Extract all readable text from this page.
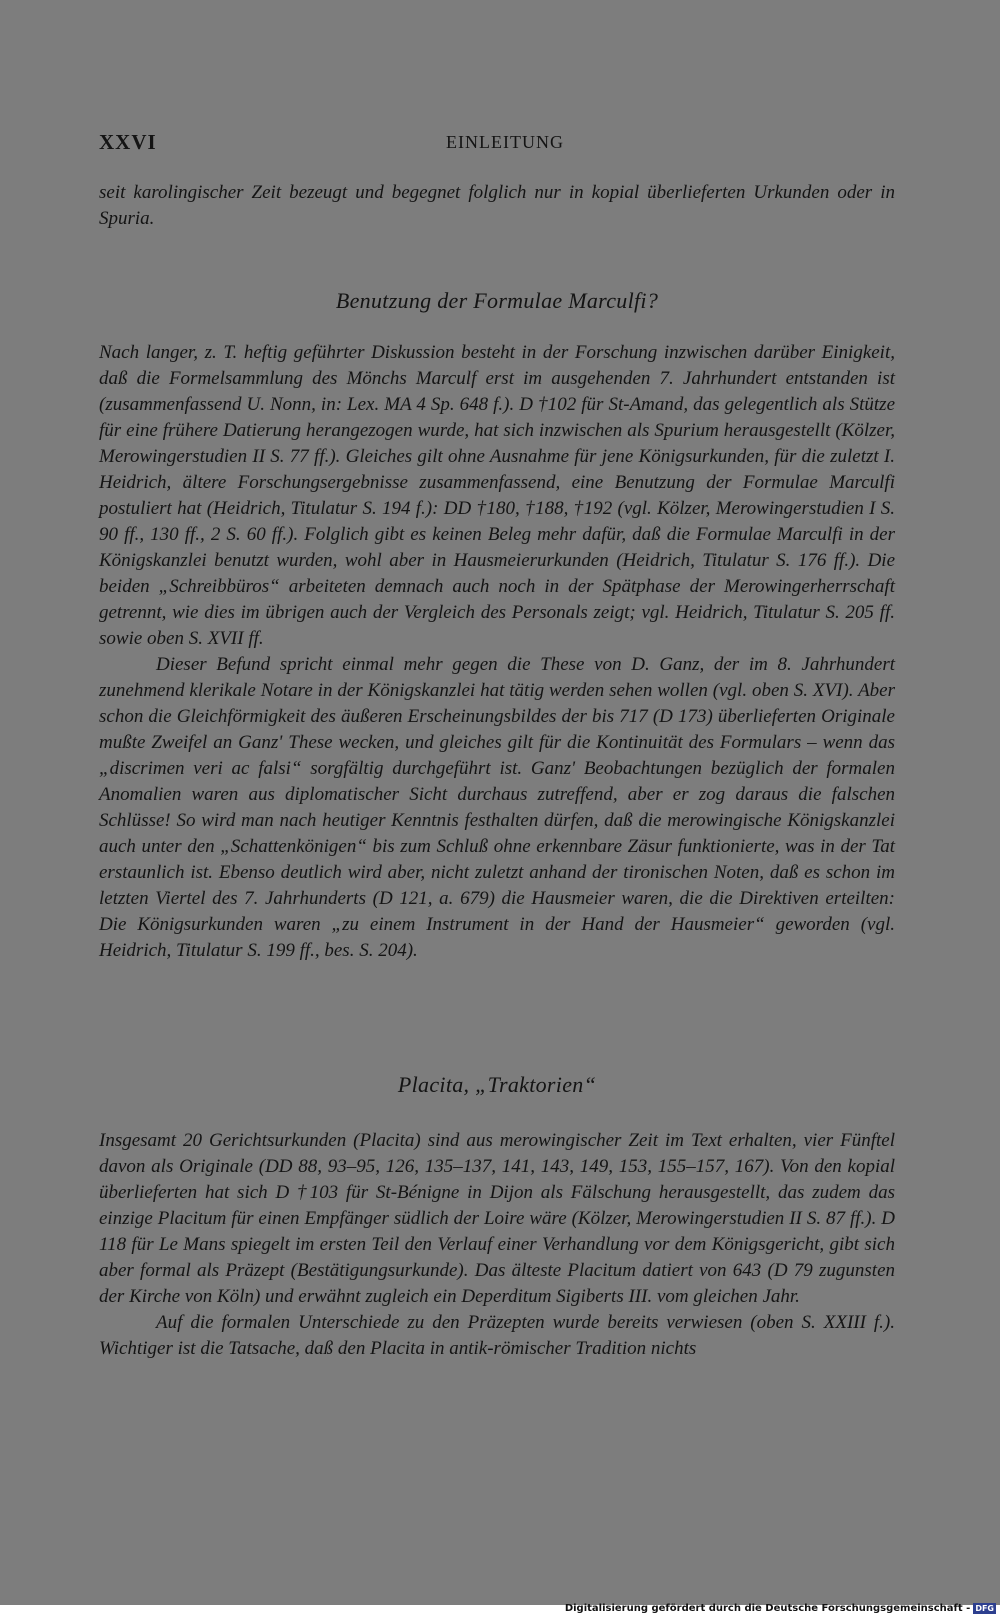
XXVI	EINLEITUNG

seit karolingischer Zeit bezeugt und begegnet folglich nur in kopial überlieferten Urkunden oder in Spuria.

Benutzung der Formulae Marculfi?

Nach langer, z. T. heftig geführter Diskussion besteht in der Forschung inzwischen darüber Einigkeit, daß die Formelsammlung des Mönchs Marculf erst im ausgehenden 7. Jahrhundert entstanden ist (zusammenfassend U. Nonn, in: Lex. MA 4 Sp. 648 f.). D †102 für St-Amand, das gelegentlich als Stütze für eine frühere Datierung herangezogen wurde, hat sich inzwischen als Spurium herausgestellt (Kölzer, Merowingerstudien II S. 77 ff.). Gleiches gilt ohne Ausnahme für jene Königsurkunden, für die zuletzt I. Heidrich, ältere Forschungsergebnisse zusammenfassend, eine Benutzung der Formulae Marculfi postuliert hat (Heidrich, Titulatur S. 194 f.): DD †180, †188, †192 (vgl. Kölzer, Merowingerstudien I S. 90 ff., 130 ff., 2 S. 60 ff.). Folglich gibt es keinen Beleg mehr dafür, daß die Formulae Marculfi in der Königskanzlei benutzt wurden, wohl aber in Hausmeierurkunden (Heidrich, Titulatur S. 176 ff.). Die beiden „Schreibbüros“ arbeiteten demnach auch noch in der Spätphase der Merowingerherrschaft getrennt, wie dies im übrigen auch der Vergleich des Personals zeigt; vgl. Heidrich, Titulatur S. 205 ff. sowie oben S. XVII ff.

Dieser Befund spricht einmal mehr gegen die These von D. Ganz, der im 8. Jahrhundert zunehmend klerikale Notare in der Königskanzlei hat tätig werden sehen wollen (vgl. oben S. XVI). Aber schon die Gleichförmigkeit des äußeren Erscheinungsbildes der bis 717 (D 173) überlieferten Originale mußte Zweifel an Ganz' These wecken, und gleiches gilt für die Kontinuität des Formulars – wenn das „discrimen veri ac falsi“ sorgfältig durchgeführt ist. Ganz' Beobachtungen bezüglich der formalen Anomalien waren aus diplomatischer Sicht durchaus zutreffend, aber er zog daraus die falschen Schlüsse! So wird man nach heutiger Kenntnis festhalten dürfen, daß die merowingische Königskanzlei auch unter den „Schattenkönigen“ bis zum Schluß ohne erkennbare Zäsur funktionierte, was in der Tat erstaunlich ist. Ebenso deutlich wird aber, nicht zuletzt anhand der tironischen Noten, daß es schon im letzten Viertel des 7. Jahrhunderts (D 121, a. 679) die Hausmeier waren, die die Direktiven erteilten: Die Königsurkunden waren „zu einem Instrument in der Hand der Hausmeier“ geworden (vgl. Heidrich, Titulatur S. 199 ff., bes. S. 204).

Placita, „Traktorien“

Insgesamt 20 Gerichtsurkunden (Placita) sind aus merowingischer Zeit im Text erhalten, vier Fünftel davon als Originale (DD 88, 93–95, 126, 135–137, 141, 143, 149, 153, 155–157, 167). Von den kopial überlieferten hat sich D †103 für St-Bénigne in Dijon als Fälschung herausgestellt, das zudem das einzige Placitum für einen Empfänger südlich der Loire wäre (Kölzer, Merowingerstudien II S. 87 ff.). D 118 für Le Mans spiegelt im ersten Teil den Verlauf einer Verhandlung vor dem Königsgericht, gibt sich aber formal als Präzept (Bestätigungsurkunde). Das älteste Placitum datiert von 643 (D 79 zugunsten der Kirche von Köln) und erwähnt zugleich ein Deperditum Sigiberts III. vom gleichen Jahr.

Auf die formalen Unterschiede zu den Präzepten wurde bereits verwiesen (oben S. XXIII f.). Wichtiger ist die Tatsache, daß den Placita in antik-römischer Tradition nichts

Digitalisierung gefördert durch die Deutsche Forschungsgemeinschaft - DFG
